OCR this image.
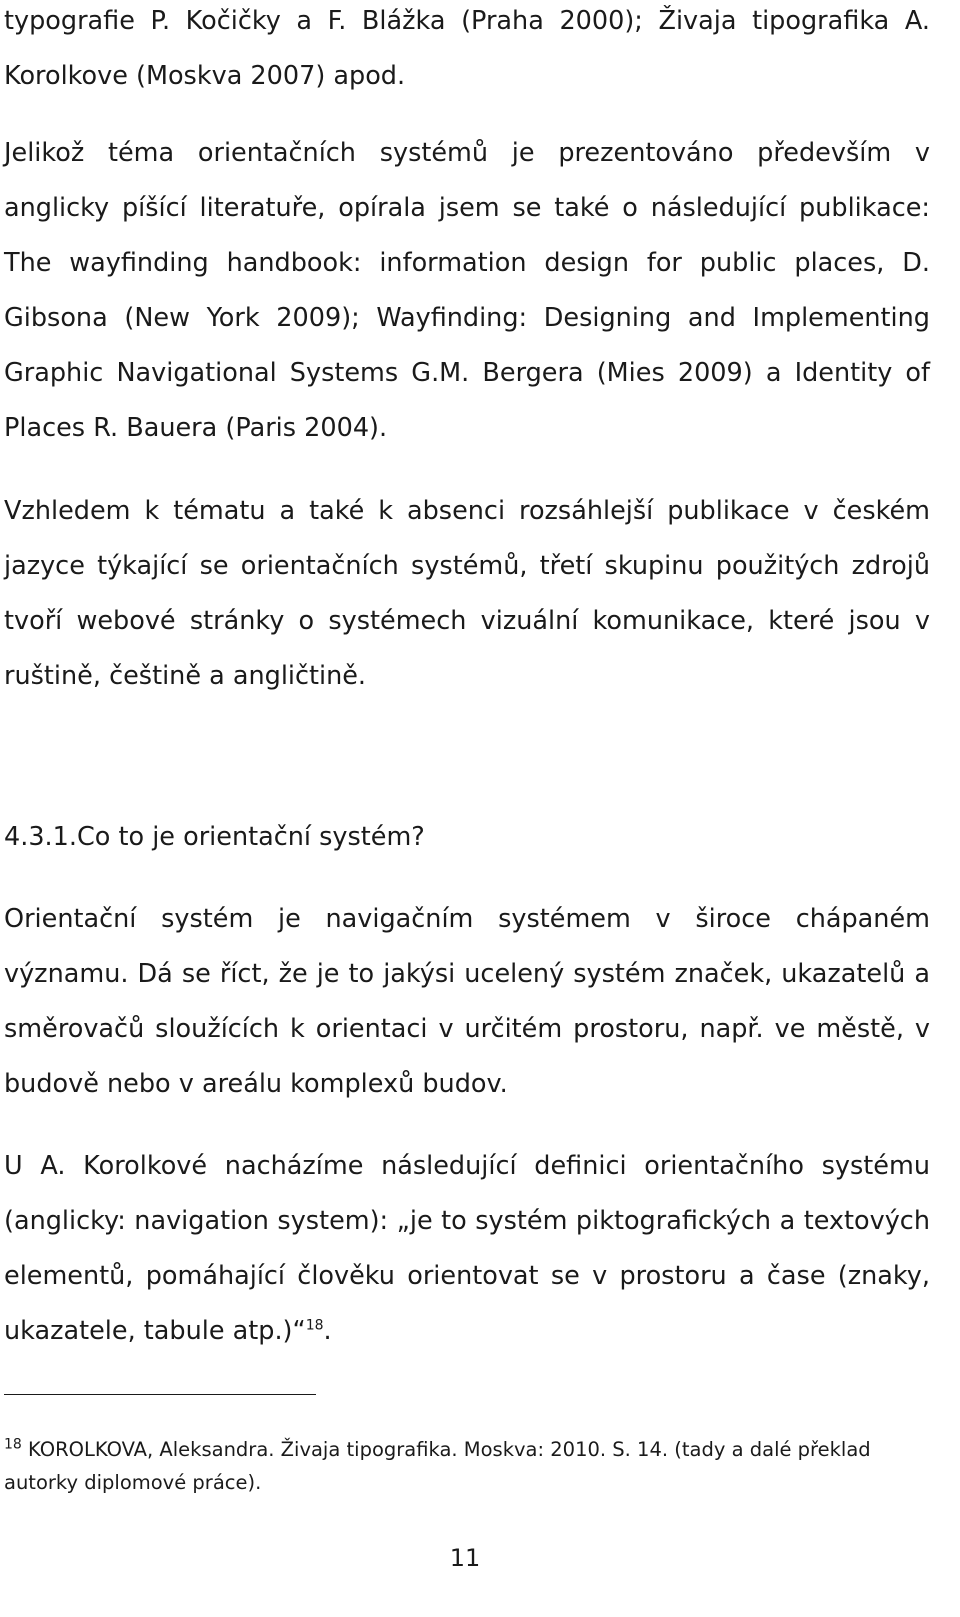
typografie P. Kočičky a F. Blážka (Praha 2000); Živaja tipografika A. Korolkove (Moskva 2007) apod.

Jelikož téma orientačních systémů je prezentováno především v anglicky píšící literatuře, opírala jsem se také o následující publikace: The wayfinding handbook: information design for public places, D. Gibsona (New York 2009); Wayfinding: Designing and Implementing Graphic Navigational Systems G.M. Bergera (Mies 2009) a Identity of Places R. Bauera (Paris 2004).

Vzhledem k tématu a také k absenci rozsáhlejší publikace v českém jazyce týkající se orientačních systémů, třetí skupinu použitých zdrojů tvoří webové stránky o systémech vizuální komunikace, které jsou v ruštině, češtině a angličtině.

4.3.1.Co to je orientační systém?

Orientační systém je navigačním systémem v široce chápaném významu. Dá se říct, že je to jakýsi ucelený systém značek, ukazatelů a směrovačů sloužících k orientaci v určitém prostoru, např. ve městě, v budově nebo v areálu komplexů budov.

U A. Korolkové nacházíme následující definici orientačního systému (anglicky: navigation system): „je to systém piktografických a textových elementů, pomáhající člověku orientovat se v prostoru a čase (znaky, ukazatele, tabule atp.)“$^{18}$.

$^{18}$ KOROLKOVA, Aleksandra. Živaja tipografika. Moskva: 2010. S. 14. (tady a dalé překlad autorky diplomové práce).

11
